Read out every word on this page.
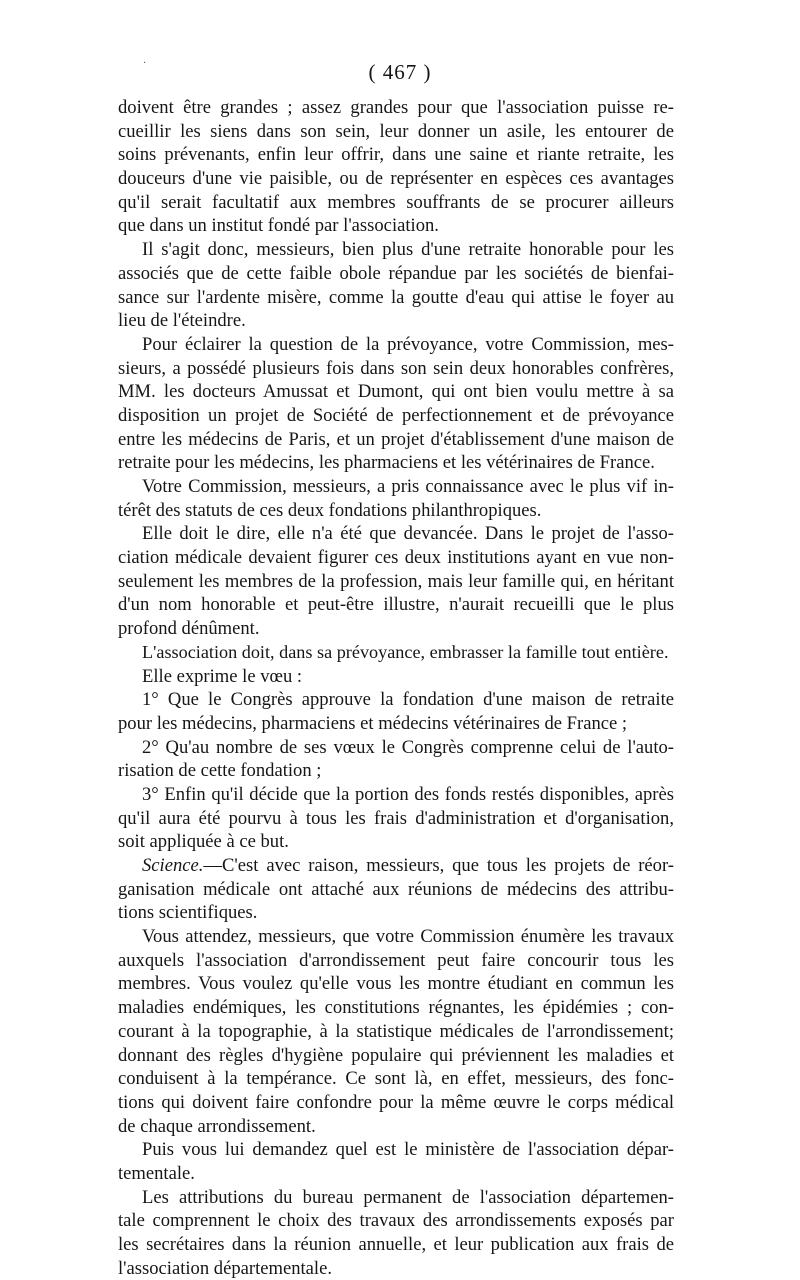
·	( 467 )
doivent être grandes ; assez grandes pour que l'association puisse re-
cueillir les siens dans son sein, leur donner un asile, les entourer de
soins prévenants, enfin leur offrir, dans une saine et riante retraite, les
douceurs d'une vie paisible, ou de représenter en espèces ces avantages
qu'il serait facultatif aux membres souffrants de se procurer ailleurs
que dans un institut fondé par l'association.
Il s'agit donc, messieurs, bien plus d'une retraite honorable pour les
associés que de cette faible obole répandue par les sociétés de bienfai-
sance sur l'ardente misère, comme la goutte d'eau qui attise le foyer au
lieu de l'éteindre.
Pour éclairer la question de la prévoyance, votre Commission, mes-
sieurs, a possédé plusieurs fois dans son sein deux honorables confrères,
MM. les docteurs Amussat et Dumont, qui ont bien voulu mettre à sa
disposition un projet de Société de perfectionnement et de prévoyance
entre les médecins de Paris, et un projet d'établissement d'une maison de
retraite pour les médecins, les pharmaciens et les vétérinaires de France.
Votre Commission, messieurs, a pris connaissance avec le plus vif in-
térêt des statuts de ces deux fondations philanthropiques.
Elle doit le dire, elle n'a été que devancée. Dans le projet de l'asso-
ciation médicale devaient figurer ces deux institutions ayant en vue non-
seulement les membres de la profession, mais leur famille qui, en héritant
d'un nom honorable et peut-être illustre, n'aurait recueilli que le plus
profond dénûment.
L'association doit, dans sa prévoyance, embrasser la famille tout entière.
Elle exprime le vœu :
1° Que le Congrès approuve la fondation d'une maison de retraite
pour les médecins, pharmaciens et médecins vétérinaires de France ;
2° Qu'au nombre de ses vœux le Congrès comprenne celui de l'auto-
risation de cette fondation ;
3° Enfin qu'il décide que la portion des fonds restés disponibles, après
qu'il aura été pourvu à tous les frais d'administration et d'organisation,
soit appliquée à ce but.
Science.—C'est avec raison, messieurs, que tous les projets de réor-
ganisation médicale ont attaché aux réunions de médecins des attribu-
tions scientifiques.
Vous attendez, messieurs, que votre Commission énumère les travaux
auxquels l'association d'arrondissement peut faire concourir tous les
membres. Vous voulez qu'elle vous les montre étudiant en commun les
maladies endémiques, les constitutions régnantes, les épidémies ; con-
courant à la topographie, à la statistique médicales de l'arrondissement;
donnant des règles d'hygiène populaire qui préviennent les maladies et
conduisent à la tempérance. Ce sont là, en effet, messieurs, des fonc-
tions qui doivent faire confondre pour la même œuvre le corps médical
de chaque arrondissement.
Puis vous lui demandez quel est le ministère de l'association dépar-
tementale.
Les attributions du bureau permanent de l'association départemen-
tale comprennent le choix des travaux des arrondissements exposés par
les secrétaires dans la réunion annuelle, et leur publication aux frais de
l'association départementale.
